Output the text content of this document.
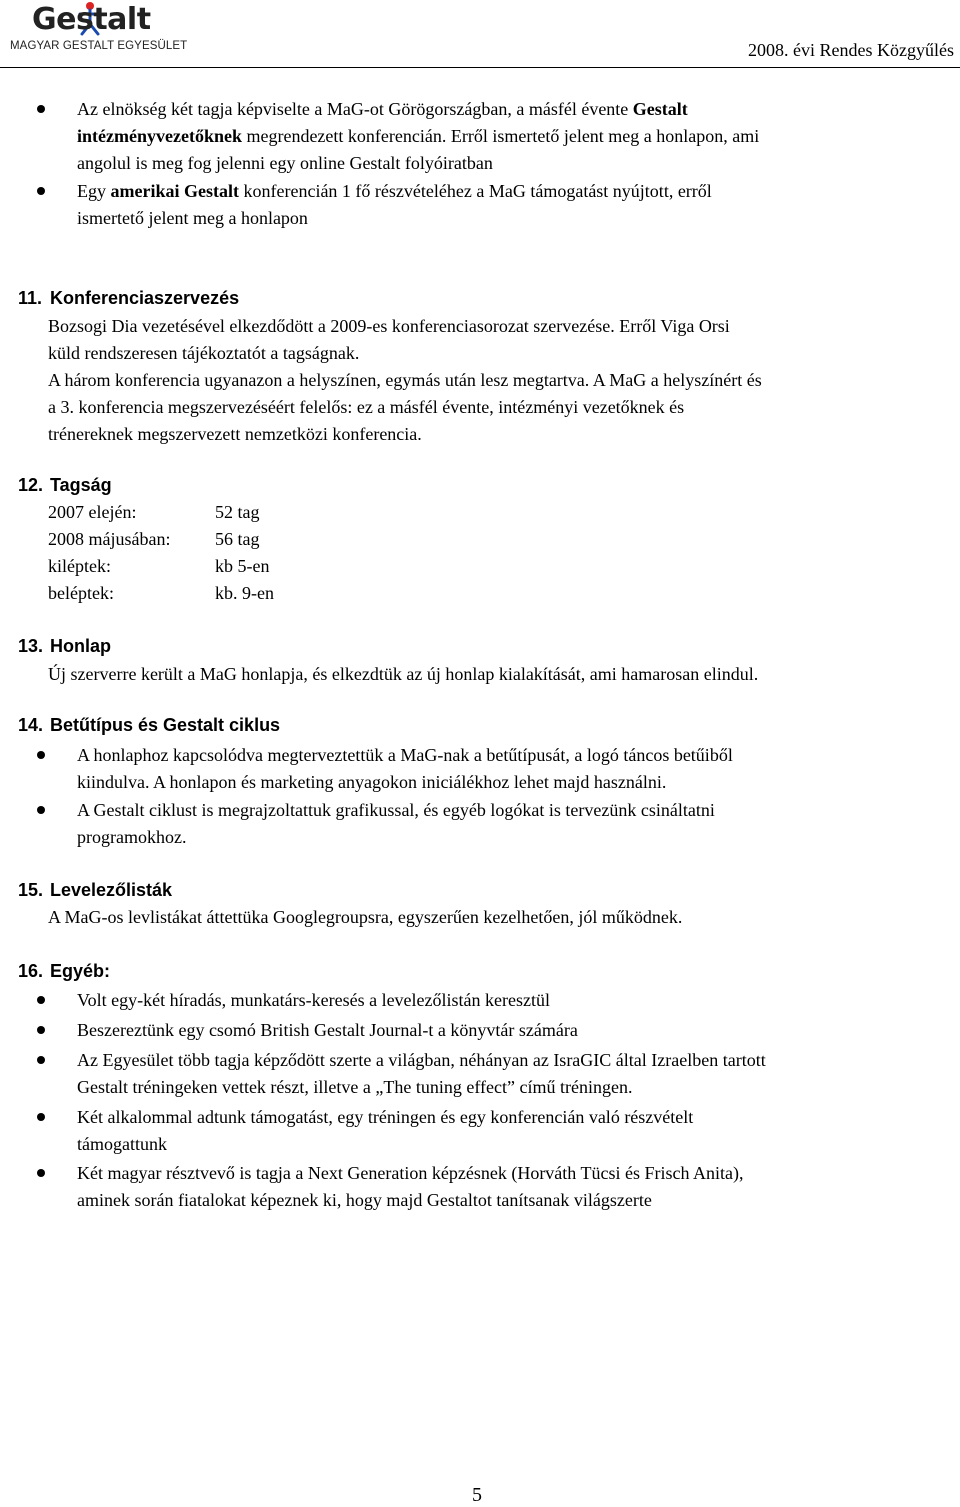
Gestalt
MAGYAR GESTALT EGYESÜLET	2008. évi Rendes Közgyűlés
Az elnökség két tagja képviselte a MaG-ot Görögországban, a másfél évente Gestalt
intézményvezetőknek megrendezett konferencián. Erről ismertető jelent meg a honlapon, ami
angolul is meg fog jelenni egy online Gestalt folyóiratban
Egy amerikai Gestalt konferencián 1 fő részvételéhez a MaG támogatást nyújtott, erről
ismertető jelent meg a honlapon
11. Konferenciaszervezés
Bozsogi Dia vezetésével elkezdődött a 2009-es konferenciasorozat szervezése. Erről Viga Orsi
küld rendszeresen tájékoztatót a tagságnak.
A három konferencia ugyanazon a helyszínen, egymás után lesz megtartva. A MaG a helyszínért és
a 3. konferencia megszervezéséért felelős: ez a másfél évente, intézményi vezetőknek és
trénereknek megszervezett nemzetközi konferencia.
12. Tagság
2007 elején:	52 tag
2008 májusában: 56 tag
kiléptek:	kb 5-en
beléptek:	kb. 9-en
13. Honlap
Új szerverre került a MaG honlapja, és elkezdtük az új honlap kialakítását, ami hamarosan elindul.
14. Betűtípus és Gestalt ciklus
A honlaphoz kapcsolódva megterveztettük a MaG-nak a betűtípusát, a logó táncos betűiből
kiindulva. A honlapon és marketing anyagokon iniciálékhoz lehet majd használni.
A Gestalt ciklust is megrajzoltattuk grafikussal, és egyéb logókat is tervezünk csináltatni
programokhoz.
15. Levelezőlisták
A MaG-os levlistákat áttettüka Googlegroupsra, egyszerűen kezelhetően, jól működnek.
16. Egyéb:
Volt egy-két híradás, munkatárs-keresés a levelezőlistán keresztül
Beszereztünk egy csomó British Gestalt Journal-t a könyvtár számára
Az Egyesület több tagja képződött szerte a világban, néhányan az IsraGIC által Izraelben tartott
Gestalt tréningeken vettek részt, illetve a „The tuning effect” című tréningen.
Két alkalommal adtunk támogatást, egy tréningen és egy konferencián való részvételt
támogattunk
Két magyar résztvevő is tagja a Next Generation képzésnek (Horváth Tücsi és Frisch Anita),
aminek során fiatalokat képeznek ki, hogy majd Gestaltot tanítsanak világszerte
5
